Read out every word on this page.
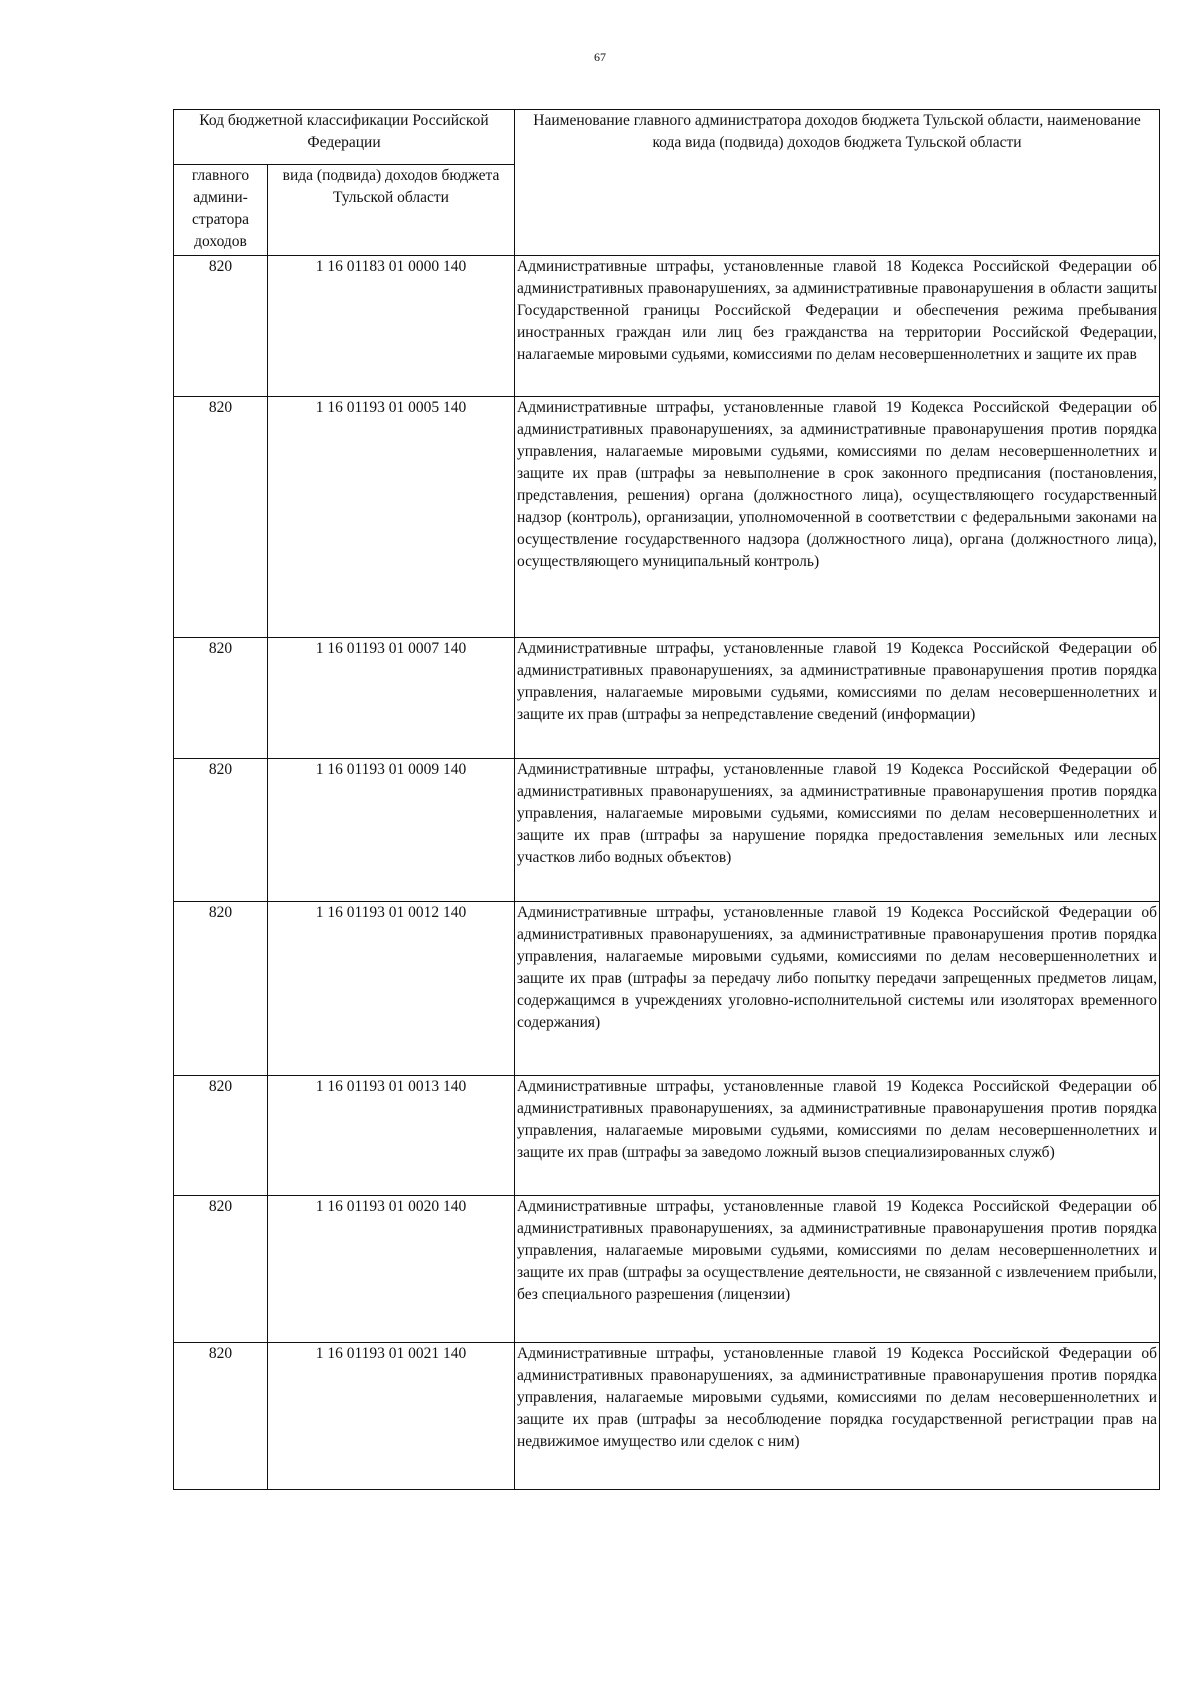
67
Код бюджетной классификации Российской Федерации		Наименование главного администратора доходов бюджета Тульской области, наименование кода вида (подвида) доходов бюджета Тульской области
главного админи-стратора доходов	вида (подвида) доходов бюджета Тульской области	
820	1 16 01183 01 0000 140	Административные штрафы, установленные главой 18 Кодекса Российской Федерации об административных правонарушениях, за административные правонарушения в области защиты Государственной границы Российской Федерации и обеспечения режима пребывания иностранных граждан или лиц без гражданства на территории Российской Федерации, налагаемые мировыми судьями, комиссиями по делам несовершеннолетних и защите их прав
820	1 16 01193 01 0005 140	Административные штрафы, установленные главой 19 Кодекса Российской Федерации об административных правонарушениях, за административные правонарушения против порядка управления, налагаемые мировыми судьями, комиссиями по делам несовершеннолетних и защите их прав (штрафы за невыполнение в срок законного предписания (постановления, представления, решения) органа (должностного лица), осуществляющего государственный надзор (контроль), организации, уполномоченной в соответствии с федеральными законами на осуществление государственного надзора (должностного лица), органа (должностного лица), осуществляющего муниципальный контроль)
820	1 16 01193 01 0007 140	Административные штрафы, установленные главой 19 Кодекса Российской Федерации об административных правонарушениях, за административные правонарушения против порядка управления, налагаемые мировыми судьями, комиссиями по делам несовершеннолетних и защите их прав (штрафы за непредставление сведений (информации)
820	1 16 01193 01 0009 140	Административные штрафы, установленные главой 19 Кодекса Российской Федерации об административных правонарушениях, за административные правонарушения против порядка управления, налагаемые мировыми судьями, комиссиями по делам несовершеннолетних и защите их прав (штрафы за нарушение порядка предоставления земельных или лесных участков либо водных объектов)
820	1 16 01193 01 0012 140	Административные штрафы, установленные главой 19 Кодекса Российской Федерации об административных правонарушениях, за административные правонарушения против порядка управления, налагаемые мировыми судьями, комиссиями по делам несовершеннолетних и защите их прав (штрафы за передачу либо попытку передачи запрещенных предметов лицам, содержащимся в учреждениях уголовно-исполнительной системы или изоляторах временного содержания)
820	1 16 01193 01 0013 140	Административные штрафы, установленные главой 19 Кодекса Российской Федерации об административных правонарушениях, за административные правонарушения против порядка управления, налагаемые мировыми судьями, комиссиями по делам несовершеннолетних и защите их прав (штрафы за заведомо ложный вызов специализированных служб)
820	1 16 01193 01 0020 140	Административные штрафы, установленные главой 19 Кодекса Российской Федерации об административных правонарушениях, за административные правонарушения против порядка управления, налагаемые мировыми судьями, комиссиями по делам несовершеннолетних и защите их прав (штрафы за осуществление деятельности, не связанной с извлечением прибыли, без специального разрешения (лицензии)
820	1 16 01193 01 0021 140	Административные штрафы, установленные главой 19 Кодекса Российской Федерации об административных правонарушениях, за административные правонарушения против порядка управления, налагаемые мировыми судьями, комиссиями по делам несовершеннолетних и защите их прав (штрафы за несоблюдение порядка государственной регистрации прав на недвижимое имущество или сделок с ним)
